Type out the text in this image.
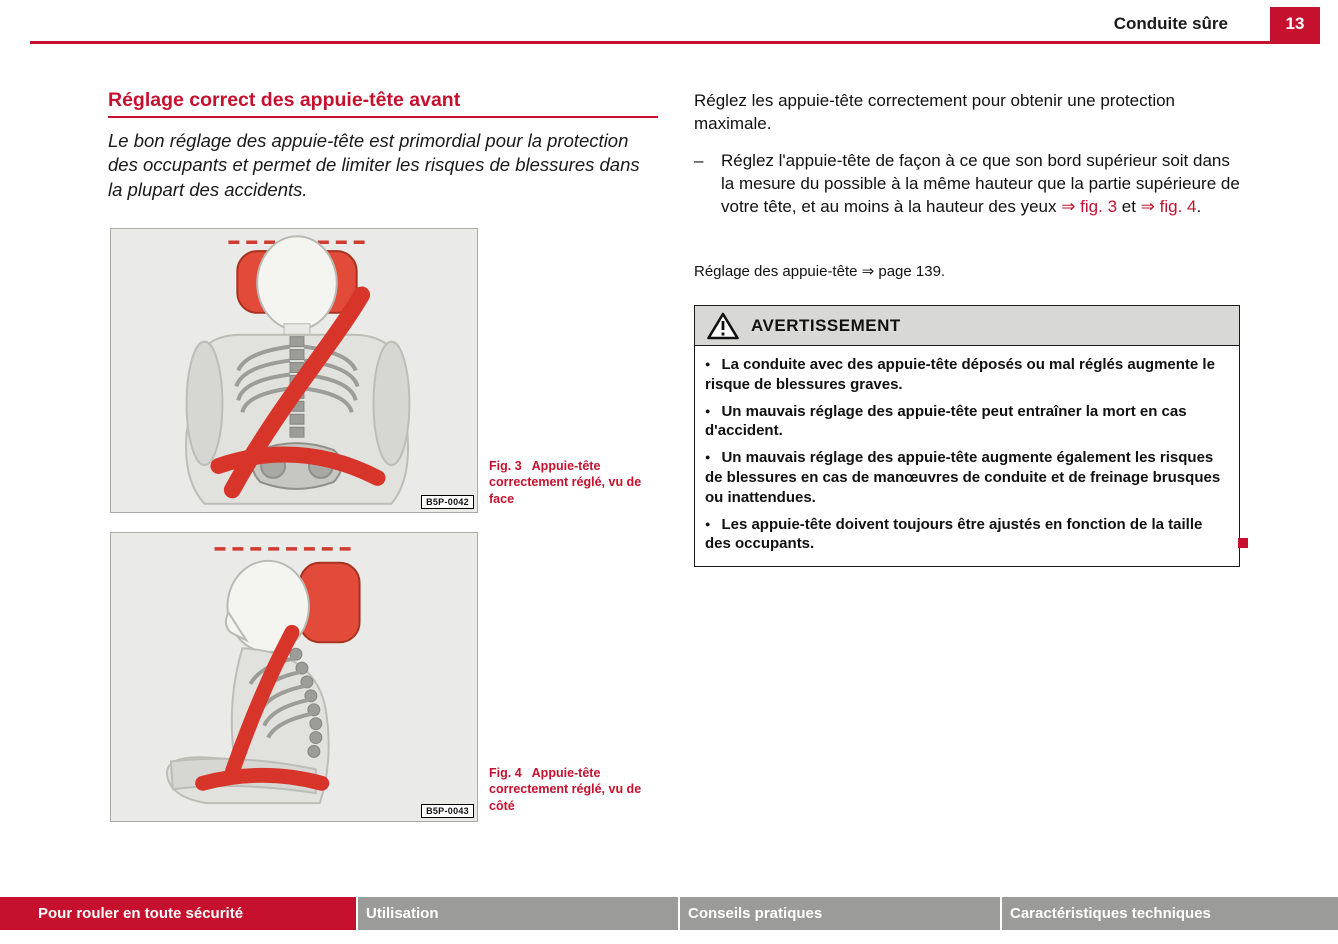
Conduite sûre	13
Réglage correct des appuie-tête avant

Le bon réglage des appuie-tête est primordial pour la protection des occupants et permet de limiter les risques de blessures dans la plupart des accidents.

B5P-0042

Fig. 3 Appuie-tête correctement réglé, vu de face

B5P-0043

Fig. 4 Appuie-tête correctement réglé, vu de côté

Réglez les appuie-tête correctement pour obtenir une protection maximale.

–	Réglez l'appuie-tête de façon à ce que son bord supérieur soit dans la mesure du possible à la même hauteur que la partie supérieure de votre tête, et au moins à la hauteur des yeux ⇒ fig. 3 et ⇒ fig. 4.

Réglage des appuie-tête ⇒ page 139.

AVERTISSEMENT

● La conduite avec des appuie-tête déposés ou mal réglés augmente le risque de blessures graves.

● Un mauvais réglage des appuie-tête peut entraîner la mort en cas d'accident.

● Un mauvais réglage des appuie-tête augmente également les risques de blessures en cas de manœuvres de conduite et de freinage brusques ou inattendues.

● Les appuie-tête doivent toujours être ajustés en fonction de la taille des occupants.

Pour rouler en toute sécurité	Utilisation	Conseils pratiques	Caractéristiques techniques
